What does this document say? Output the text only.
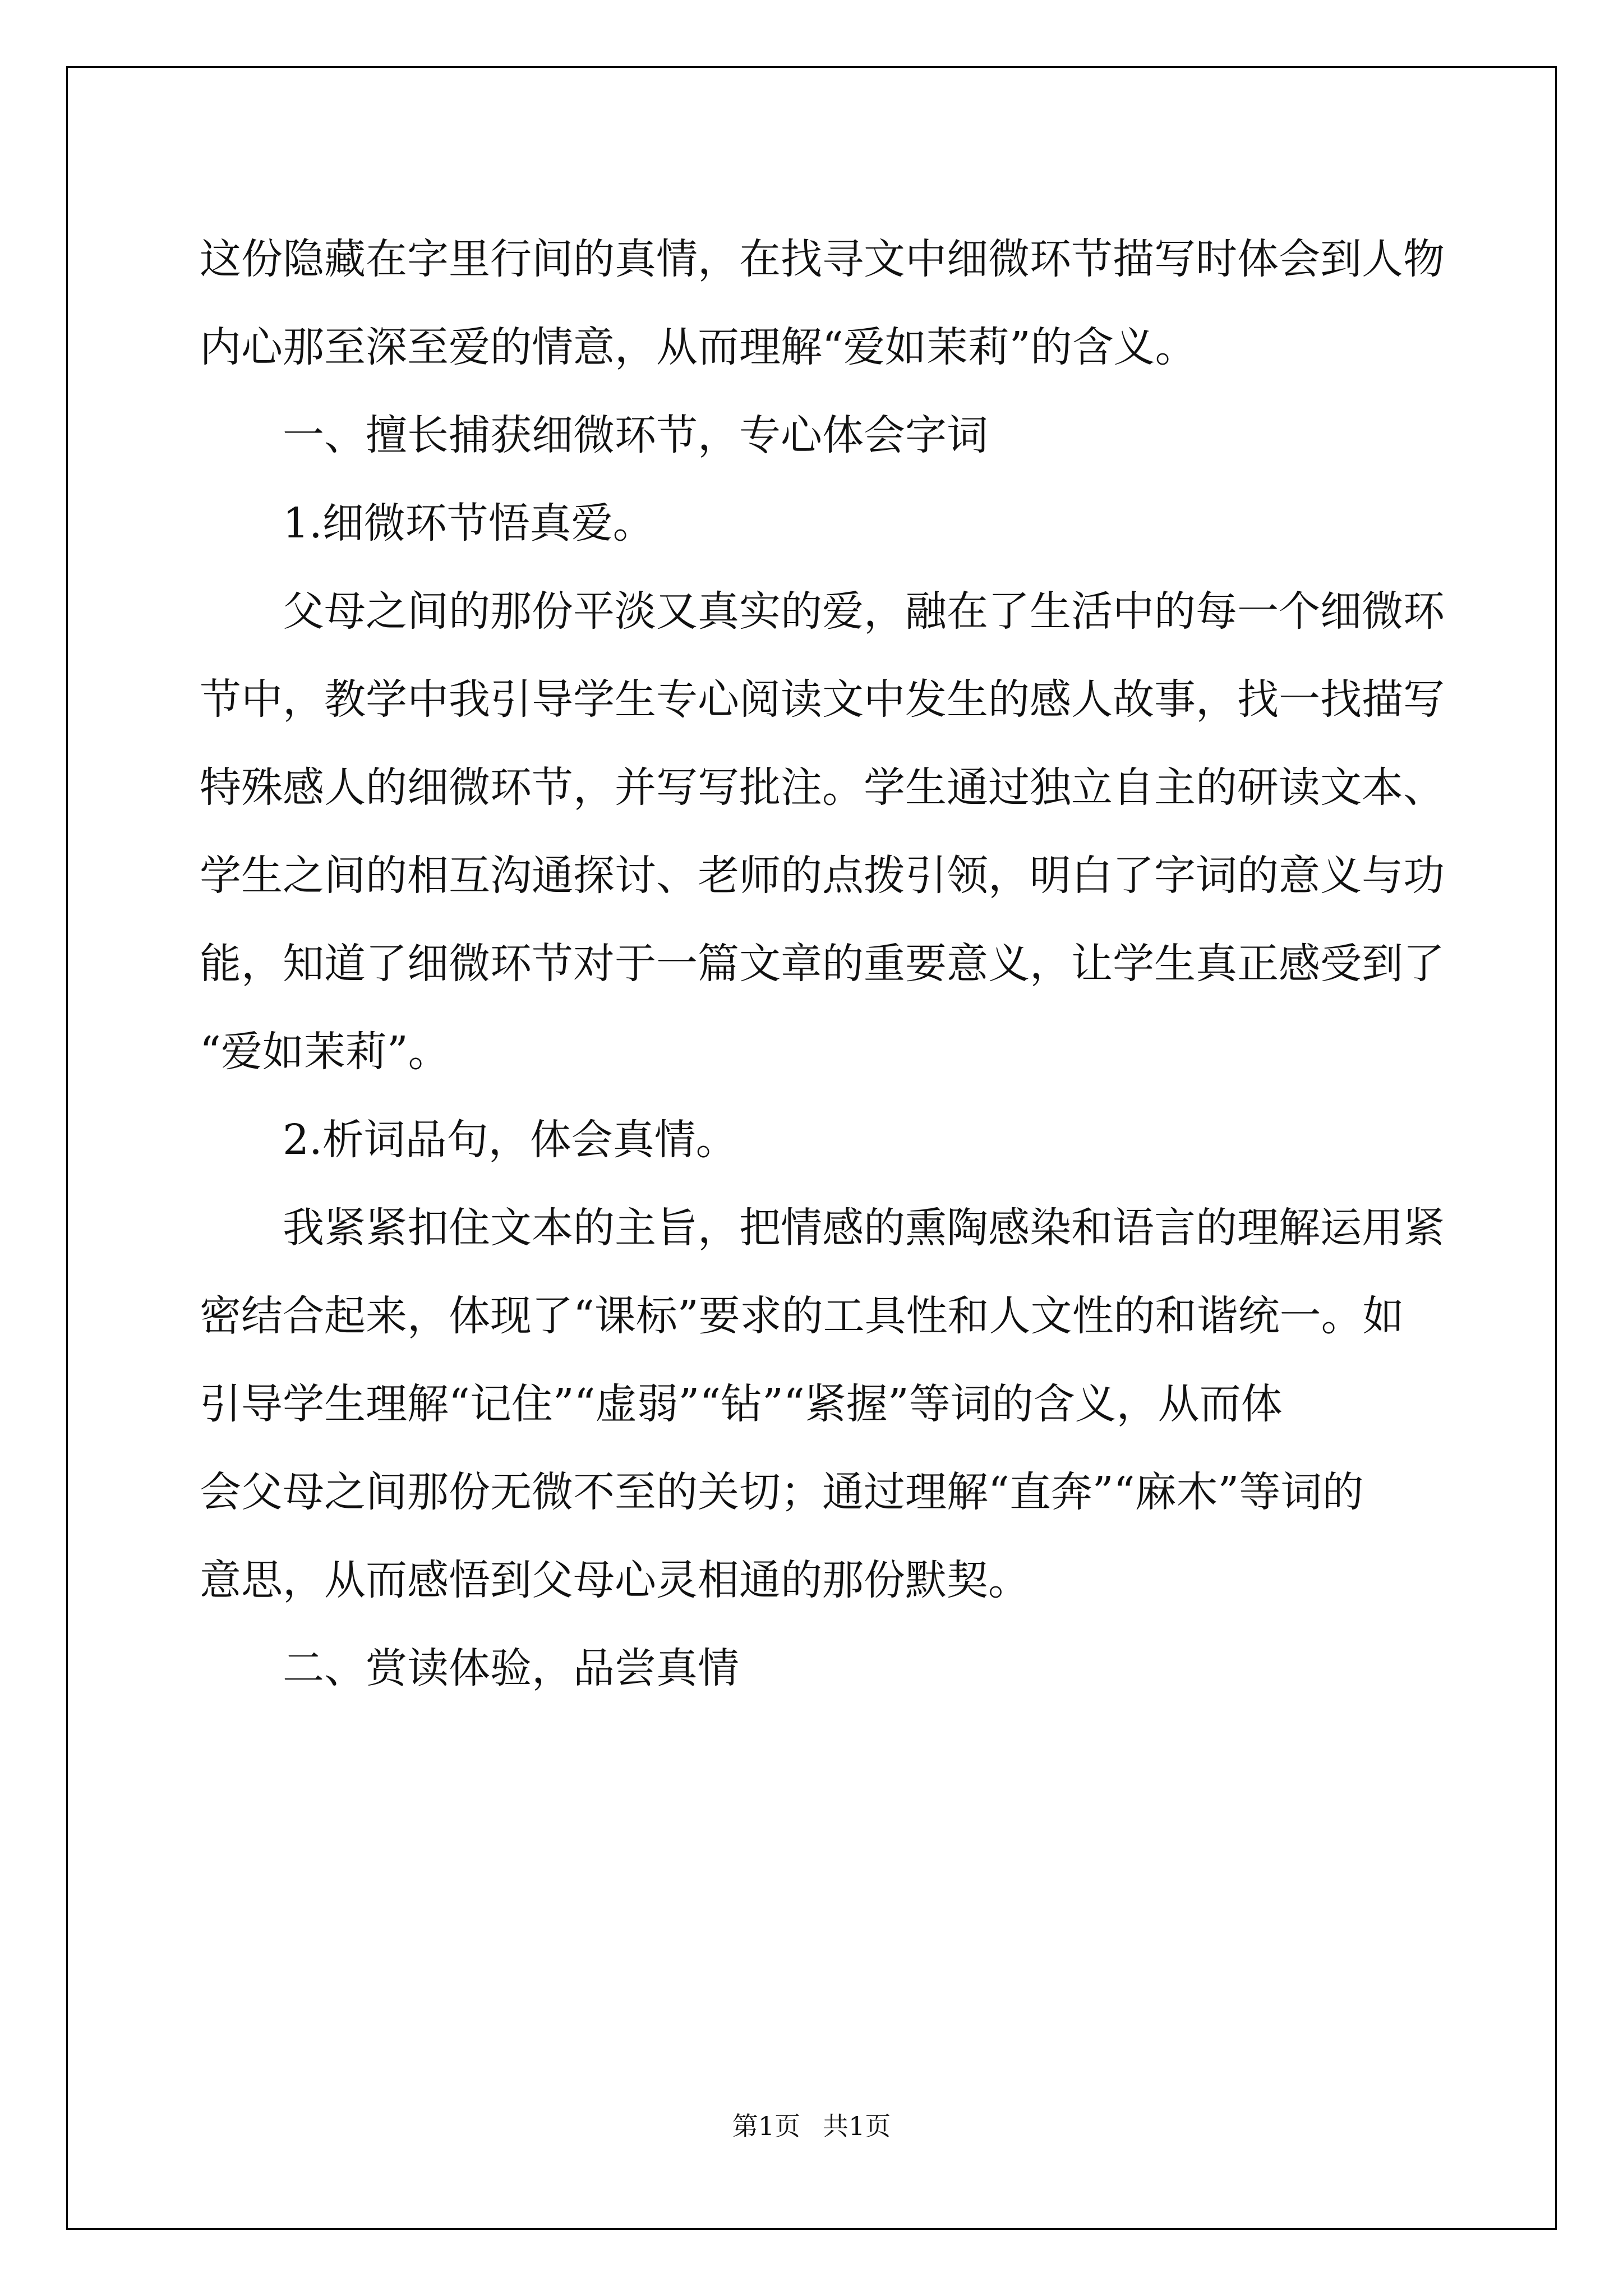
这份隐藏在字里行间的真情，在找寻文中细微环节描写时体会到人物

内心那至深至爱的情意，从而理解“爱如茉莉”的含义。

一、擅长捕获细微环节，专心体会字词

1.细微环节悟真爱。

父母之间的那份平淡又真实的爱，融在了生活中的每一个细微环

节中，教学中我引导学生专心阅读文中发生的感人故事，找一找描写

特殊感人的细微环节，并写写批注。学生通过独立自主的研读文本、

学生之间的相互沟通探讨、老师的点拨引领，明白了字词的意义与功

能，知道了细微环节对于一篇文章的重要意义，让学生真正感受到了

“爱如茉莉”。

2.析词品句，体会真情。

我紧紧扣住文本的主旨，把情感的熏陶感染和语言的理解运用紧

密结合起来，体现了“课标”要求的工具性和人文性的和谐统一。如

引导学生理解“记住”“虚弱”“钻”“紧握”等词的含义，从而体

会父母之间那份无微不至的关切；通过理解“直奔”“麻木”等词的

意思，从而感悟到父母心灵相通的那份默契。

二、赏读体验，品尝真情

第1页 共1页
